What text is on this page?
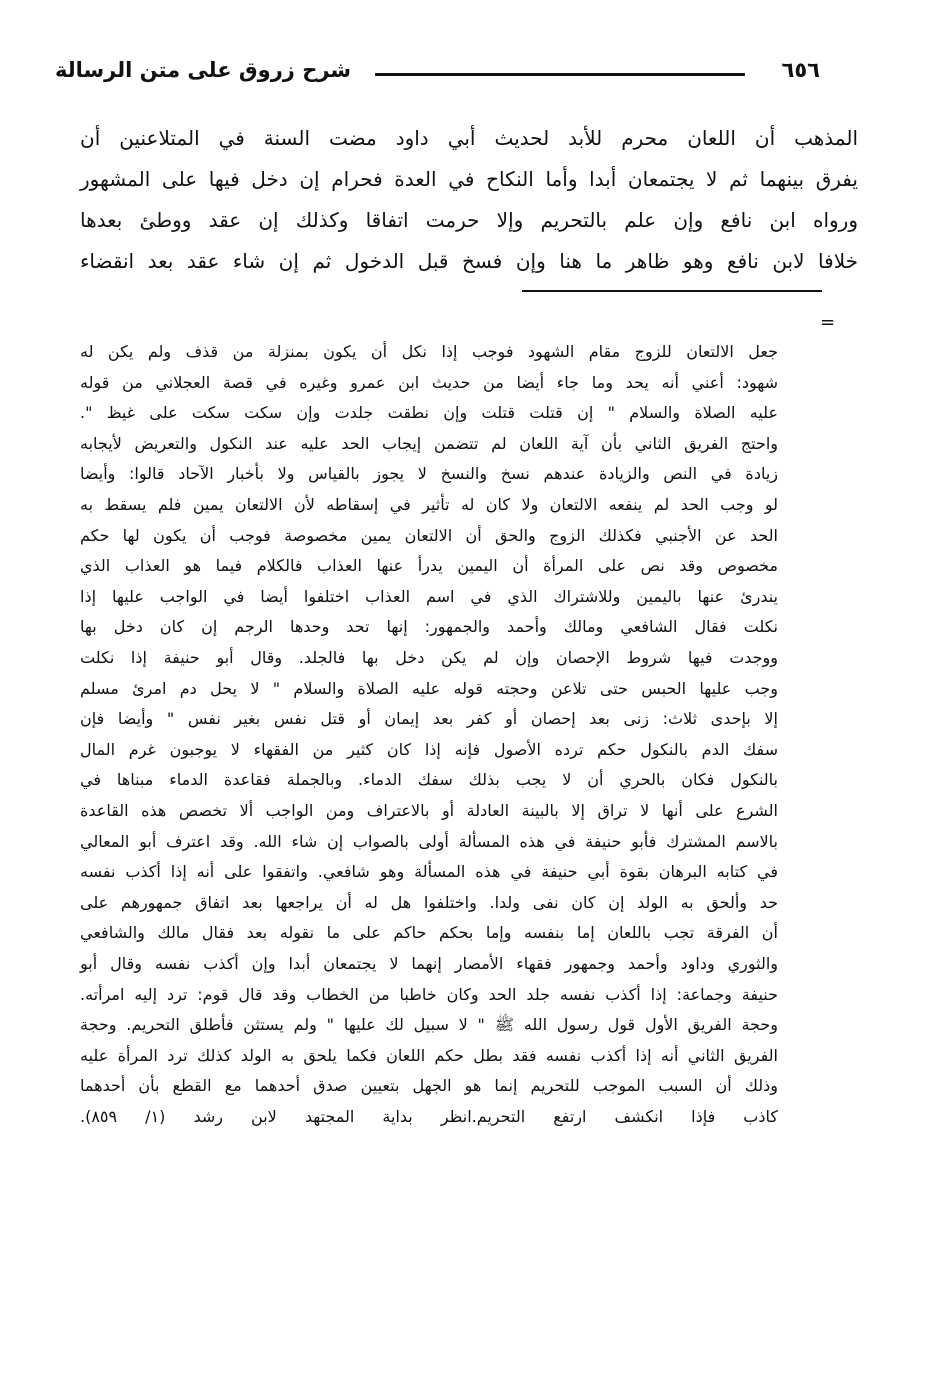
٦٥٦
شرح زروق على متن الرسالة
المذهب أن اللعان محرم للأبد لحديث أبي داود مضت السنة في المتلاعنين أن
يفرق بينهما ثم لا يجتمعان أبدا وأما النكاح في العدة فحرام إن دخل فيها على المشهور
ورواه ابن نافع وإن علم بالتحريم وإلا حرمت اتفاقا وكذلك إن عقد ووطئ بعدها
خلافا لابن نافع وهو ظاهر ما هنا وإن فسخ قبل الدخول ثم إن شاء عقد بعد انقضاء
=
جعل الالتعان للزوج مقام الشهود فوجب إذا نكل أن يكون بمنزلة من قذف ولم يكن له
شهود: أعني أنه يحد وما جاء أيضا من حديث ابن عمرو وغيره في قصة العجلاني من قوله
عليه الصلاة والسلام " إن قتلت قتلت وإن نطقت جلدت وإن سكت سكت على غيظ ".
واحتج الفريق الثاني بأن آية اللعان لم تتضمن إيجاب الحد عليه عند النكول والتعريض لأيجابه
زيادة في النص والزيادة عندهم نسخ والنسخ لا يجوز بالقياس ولا بأخبار الآحاد قالوا: وأيضا
لو وجب الحد لم ينفعه الالتعان ولا كان له تأثير في إسقاطه لأن الالتعان يمين فلم يسقط به
الحد عن الأجنبي فكذلك الزوج والحق أن الالتعان يمين مخصوصة فوجب أن يكون لها حكم
مخصوص وقد نص على المرأة أن اليمين يدرأ عنها العذاب فالكلام فيما هو العذاب الذي
يندرئ عنها باليمين وللاشتراك الذي في اسم العذاب اختلفوا أيضا في الواجب عليها إذا
نكلت فقال الشافعي ومالك وأحمد والجمهور: إنها تحد وحدها الرجم إن كان دخل بها
ووجدت فيها شروط الإحصان وإن لم يكن دخل بها فالجلد. وقال أبو حنيفة إذا نكلت
وجب عليها الحبس حتى تلاعن وحجته قوله عليه الصلاة والسلام " لا يحل دم امرئ مسلم
إلا بإحدى ثلاث: زنى بعد إحصان أو كفر بعد إيمان أو قتل نفس بغير نفس " وأيضا فإن
سفك الدم بالنكول حكم ترده الأصول فإنه إذا كان كثير من الفقهاء لا يوجبون غرم المال
بالنكول فكان بالحري أن لا يجب بذلك سفك الدماء. وبالجملة فقاعدة الدماء مبناها في
الشرع على أنها لا تراق إلا بالبينة العادلة أو بالاعتراف ومن الواجب ألا تخصص هذه القاعدة
بالاسم المشترك فأبو حنيفة في هذه المسألة أولى بالصواب إن شاء الله. وقد اعترف أبو المعالي
في كتابه البرهان بقوة أبي حنيفة في هذه المسألة وهو شافعي. واتفقوا على أنه إذا أكذب نفسه
حد وألحق به الولد إن كان نفى ولدا. واختلفوا هل له أن يراجعها بعد اتفاق جمهورهم على
أن الفرقة تجب باللعان إما بنفسه وإما بحكم حاكم على ما نقوله بعد فقال مالك والشافعي
والثوري وداود وأحمد وجمهور فقهاء الأمصار إنهما لا يجتمعان أبدا وإن أكذب نفسه وقال أبو
حنيفة وجماعة: إذا أكذب نفسه جلد الحد وكان خاطبا من الخطاب وقد قال قوم: ترد إليه امرأته.
وحجة الفريق الأول قول رسول الله ﷺ " لا سبيل لك عليها " ولم يستثن فأطلق التحريم. وحجة
الفريق الثاني أنه إذا أكذب نفسه فقد بطل حكم اللعان فكما يلحق به الولد كذلك ترد المرأة عليه
وذلك أن السبب الموجب للتحريم إنما هو الجهل بتعيين صدق أحدهما مع القطع بأن أحدهما
كاذب فإذا انكشف ارتفع التحريم.انظر بداية المجتهد لابن رشد (١/ ٨٥٩).
